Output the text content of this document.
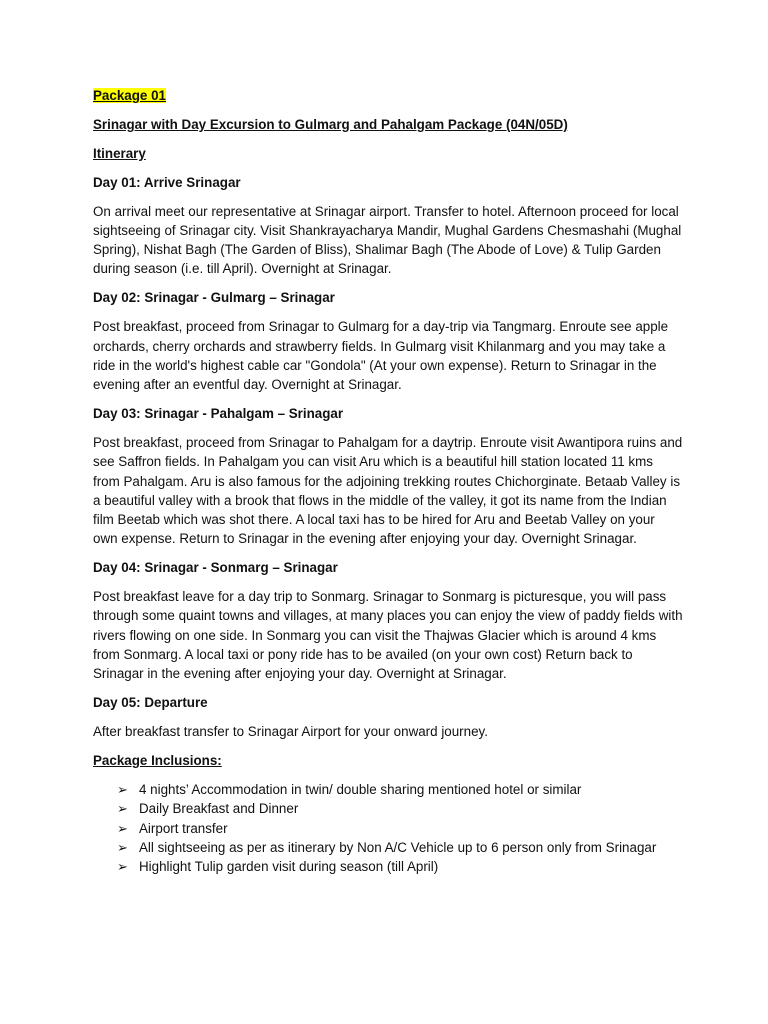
Package 01
Srinagar with Day Excursion to Gulmarg and Pahalgam Package (04N/05D)
Itinerary
Day 01: Arrive Srinagar

On arrival meet our representative at Srinagar airport. Transfer to hotel. Afternoon proceed for local sightseeing of Srinagar city. Visit Shankrayacharya Mandir, Mughal Gardens Chesmashahi (Mughal Spring), Nishat Bagh (The Garden of Bliss), Shalimar Bagh (The Abode of Love) & Tulip Garden during season (i.e. till April). Overnight at Srinagar.

Day 02: Srinagar - Gulmarg – Srinagar

Post breakfast, proceed from Srinagar to Gulmarg for a day-trip via Tangmarg. Enroute see apple orchards, cherry orchards and strawberry fields. In Gulmarg visit Khilanmarg and you may take a ride in the world's highest cable car "Gondola" (At your own expense). Return to Srinagar in the evening after an eventful day. Overnight at Srinagar.

Day 03: Srinagar - Pahalgam – Srinagar

Post breakfast, proceed from Srinagar to Pahalgam for a daytrip. Enroute visit Awantipora ruins and see Saffron fields. In Pahalgam you can visit Aru which is a beautiful hill station located 11 kms from Pahalgam. Aru is also famous for the adjoining trekking routes Chichorginate. Betaab Valley is a beautiful valley with a brook that flows in the middle of the valley, it got its name from the Indian film Beetab which was shot there. A local taxi has to be hired for Aru and Beetab Valley on your own expense. Return to Srinagar in the evening after enjoying your day. Overnight Srinagar.

Day 04: Srinagar - Sonmarg – Srinagar

Post breakfast leave for a day trip to Sonmarg. Srinagar to Sonmarg is picturesque, you will pass through some quaint towns and villages, at many places you can enjoy the view of paddy fields with rivers flowing on one side. In Sonmarg you can visit the Thajwas Glacier which is around 4 kms from Sonmarg. A local taxi or pony ride has to be availed (on your own cost) Return back to Srinagar in the evening after enjoying your day. Overnight at Srinagar.

Day 05: Departure

After breakfast transfer to Srinagar Airport for your onward journey.

Package Inclusions:
➢ 4 nights’ Accommodation in twin/ double sharing mentioned hotel or similar
➢ Daily Breakfast and Dinner
➢ Airport transfer
➢ All sightseeing as per as itinerary by Non A/C Vehicle up to 6 person only from Srinagar
➢ Highlight Tulip garden visit during season (till April)
